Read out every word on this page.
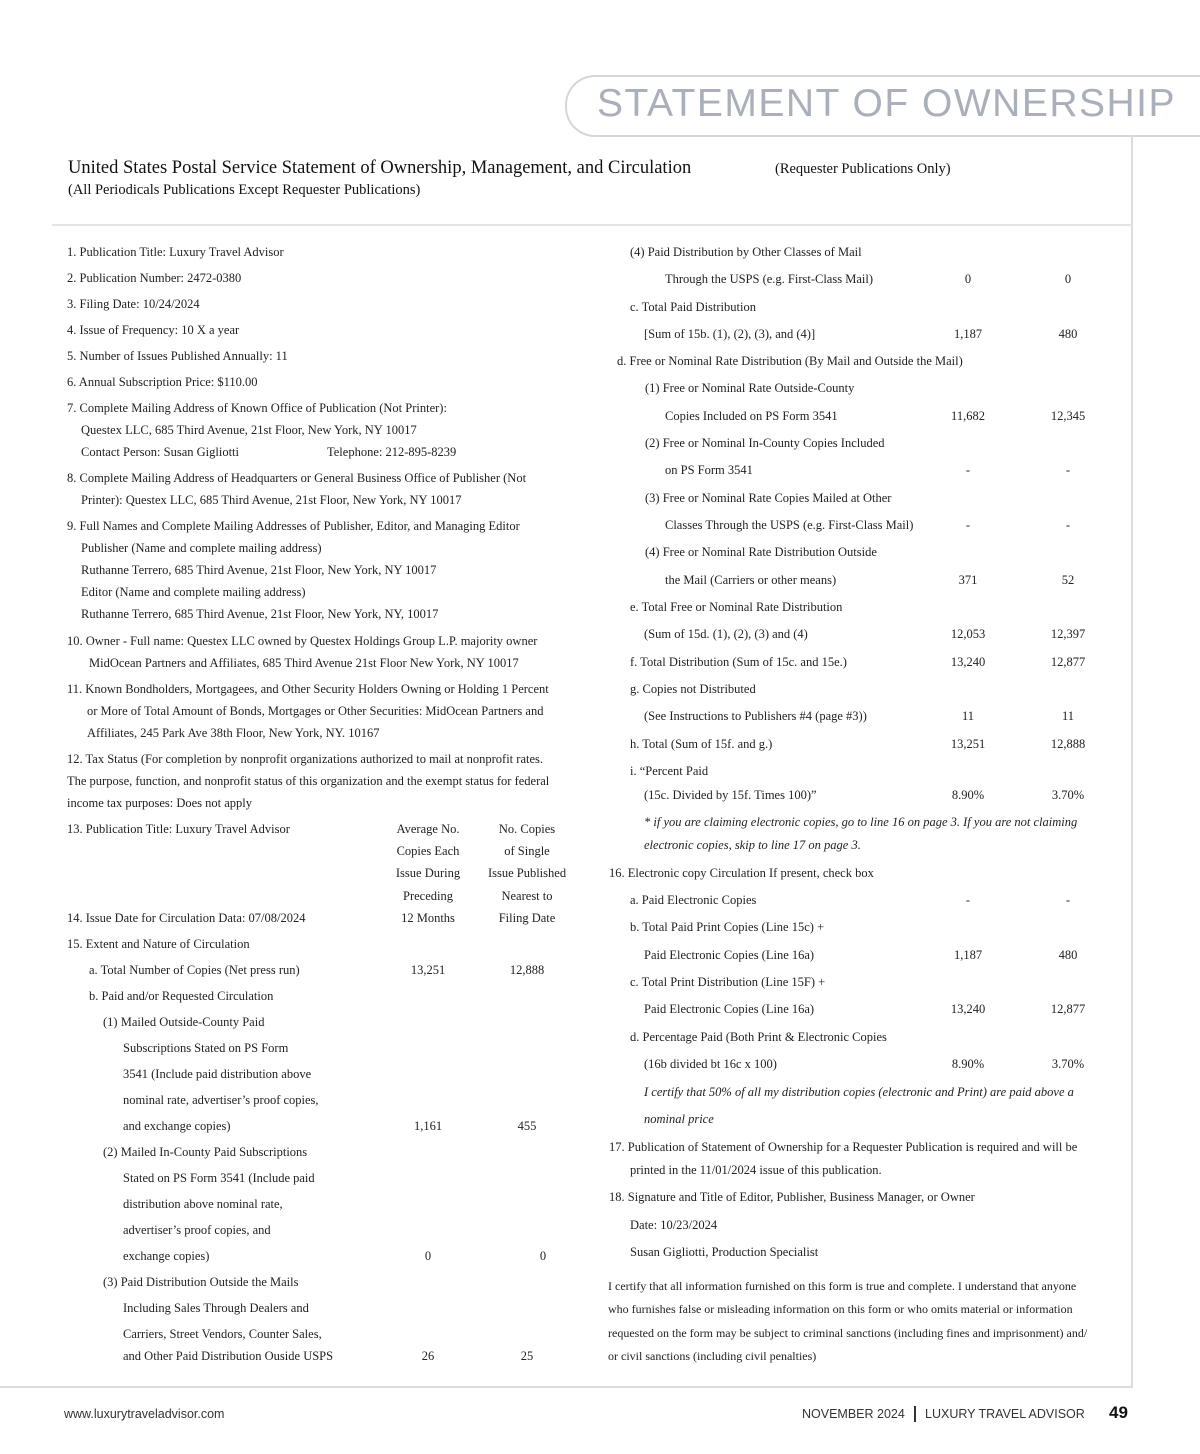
STATEMENT OF OWNERSHIP
United States Postal Service Statement of Ownership, Management, and Circulation	(Requester Publications Only)
(All Periodicals Publications Except Requester Publications)
1. Publication Title: Luxury Travel Advisor
2. Publication Number: 2472-0380
3. Filing Date: 10/24/2024
4. Issue of Frequency: 10 X a year
5. Number of Issues Published Annually: 11
6. Annual Subscription Price: $110.00
7. Complete Mailing Address of Known Office of Publication (Not Printer):
Questex LLC, 685 Third Avenue, 21st Floor, New York, NY 10017
Contact Person: Susan Gigliotti	Telephone: 212-895-8239
8. Complete Mailing Address of Headquarters or General Business Office of Publisher (Not
Printer): Questex LLC, 685 Third Avenue, 21st Floor, New York, NY 10017
9. Full Names and Complete Mailing Addresses of Publisher, Editor, and Managing Editor
Publisher (Name and complete mailing address)
Ruthanne Terrero, 685 Third Avenue, 21st Floor, New York, NY 10017
Editor (Name and complete mailing address)
Ruthanne Terrero, 685 Third Avenue, 21st Floor, New York, NY, 10017
10. Owner - Full name: Questex LLC owned by Questex Holdings Group L.P. majority owner
MidOcean Partners and Affiliates, 685 Third Avenue 21st Floor New York, NY 10017
11. Known Bondholders, Mortgagees, and Other Security Holders Owning or Holding 1 Percent
or More of Total Amount of Bonds, Mortgages or Other Securities: MidOcean Partners and
Affiliates, 245 Park Ave 38th Floor, New York, NY. 10167
12. Tax Status (For completion by nonprofit organizations authorized to mail at nonprofit rates.
The purpose, function, and nonprofit status of this organization and the exempt status for federal
income tax purposes: Does not apply
13. Publication Title: Luxury Travel Advisor	Average No.
Copies Each
Issue During
Preceding
12 Months
No. Copies
of Single
Issue Published
Nearest to
Filing Date
14. Issue Date for Circulation Data: 07/08/2024
15. Extent and Nature of Circulation
a. Total Number of Copies (Net press run)	13,251	12,888
b. Paid and/or Requested Circulation
(1) Mailed Outside-County Paid
Subscriptions Stated on PS Form
3541 (Include paid distribution above
nominal rate, advertiser’s proof copies,
and exchange copies)	1,161	455
(2) Mailed In-County Paid Subscriptions
Stated on PS Form 3541 (Include paid
distribution above nominal rate,
advertiser’s proof copies, and
exchange copies)	0	0
(3) Paid Distribution Outside the Mails
Including Sales Through Dealers and
Carriers, Street Vendors, Counter Sales,
and Other Paid Distribution Ouside USPS	26	25
(4) Paid Distribution by Other Classes of Mail
Through the USPS (e.g. First-Class Mail)	0	0
c. Total Paid Distribution
[Sum of 15b. (1), (2), (3), and (4)]	1,187	480
d. Free or Nominal Rate Distribution (By Mail and Outside the Mail)
(1) Free or Nominal Rate Outside-County
Copies Included on PS Form 3541	11,682	12,345
(2) Free or Nominal In-County Copies Included
on PS Form 3541	-	-
(3) Free or Nominal Rate Copies Mailed at Other
Classes Through the USPS (e.g. First-Class Mail)	-	-
(4) Free or Nominal Rate Distribution Outside
the Mail (Carriers or other means)	371	52
e. Total Free or Nominal Rate Distribution
(Sum of 15d. (1), (2), (3) and (4)	12,053	12,397
f. Total Distribution (Sum of 15c. and 15e.)	13,240	12,877
g. Copies not Distributed
(See Instructions to Publishers #4 (page #3))	11	11
h. Total (Sum of 15f. and g.)	13,251	12,888
i. “Percent Paid
(15c. Divided by 15f. Times 100)”	8.90%	3.70%
* if you are claiming electronic copies, go to line 16 on page 3. If you are not claiming
electronic copies, skip to line 17 on page 3.
16. Electronic copy Circulation If present, check box
a. Paid Electronic Copies	-	-
b. Total Paid Print Copies (Line 15c) +
Paid Electronic Copies (Line 16a)	1,187	480
c. Total Print Distribution (Line 15F) +
Paid Electronic Copies (Line 16a)	13,240	12,877
d. Percentage Paid (Both Print & Electronic Copies
(16b divided bt 16c x 100)	8.90%	3.70%
I certify that 50% of all my distribution copies (electronic and Print) are paid above a
nominal price
17. Publication of Statement of Ownership for a Requester Publication is required and will be
printed in the 11/01/2024 issue of this publication.
18. Signature and Title of Editor, Publisher, Business Manager, or Owner
Date: 10/23/2024
Susan Gigliotti, Production Specialist
I certify that all information furnished on this form is true and complete. I understand that anyone
who furnishes false or misleading information on this form or who omits material or information
requested on the form may be subject to criminal sanctions (including fines and imprisonment) and/
or civil sanctions (including civil penalties)
www.luxurytraveladvisor.com	NOVEMBER 2024 LUXURY TRAVEL ADVISOR 49
